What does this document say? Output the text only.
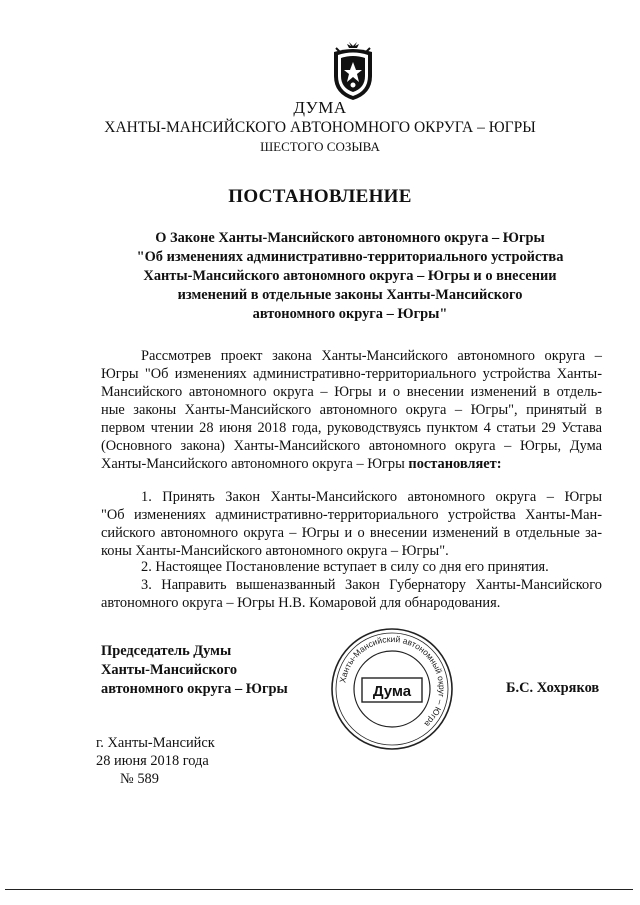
ДУМА
ХАНТЫ-МАНСИЙСКОГО АВТОНОМНОГО ОКРУГА – ЮГРЫ
ШЕСТОГО СОЗЫВА
ПОСТАНОВЛЕНИЕ
О Законе Ханты-Мансийского автономного округа – Югры
"Об изменениях административно-территориального устройства
Ханты-Мансийского автономного округа – Югры и о внесении
изменений в отдельные законы Ханты-Мансийского
автономного округа – Югры"
Рассмотрев проект закона Ханты-Мансийского автономного округа –
Югры "Об изменениях административно-территориального устройства Ханты-
Мансийского автономного округа – Югры и о внесении изменений в отдель-
ные законы Ханты-Мансийского автономного округа – Югры", принятый в
первом чтении 28 июня 2018 года, руководствуясь пунктом 4 статьи 29 Устава
(Основного закона) Ханты-Мансийского автономного округа – Югры, Дума
Ханты-Мансийского автономного округа – Югры постановляет:
1. Принять Закон Ханты-Мансийского автономного округа – Югры
"Об изменениях административно-территориального устройства Ханты-Ман-
сийского автономного округа – Югры и о внесении изменений в отдельные за-
коны Ханты-Мансийского автономного округа – Югры".
2. Настоящее Постановление вступает в силу со дня его принятия.
3. Направить вышеназванный Закон Губернатору Ханты-Мансийского
автономного округа – Югры Н.В. Комаровой для обнародования.
Председатель Думы
Ханты-Мансийского
автономного округа – Югры
Ханты-Мансийский автономный округ – Югра
Дума	Б.С. Хохряков
г. Ханты-Мансийск
28 июня 2018 года
№ 589
